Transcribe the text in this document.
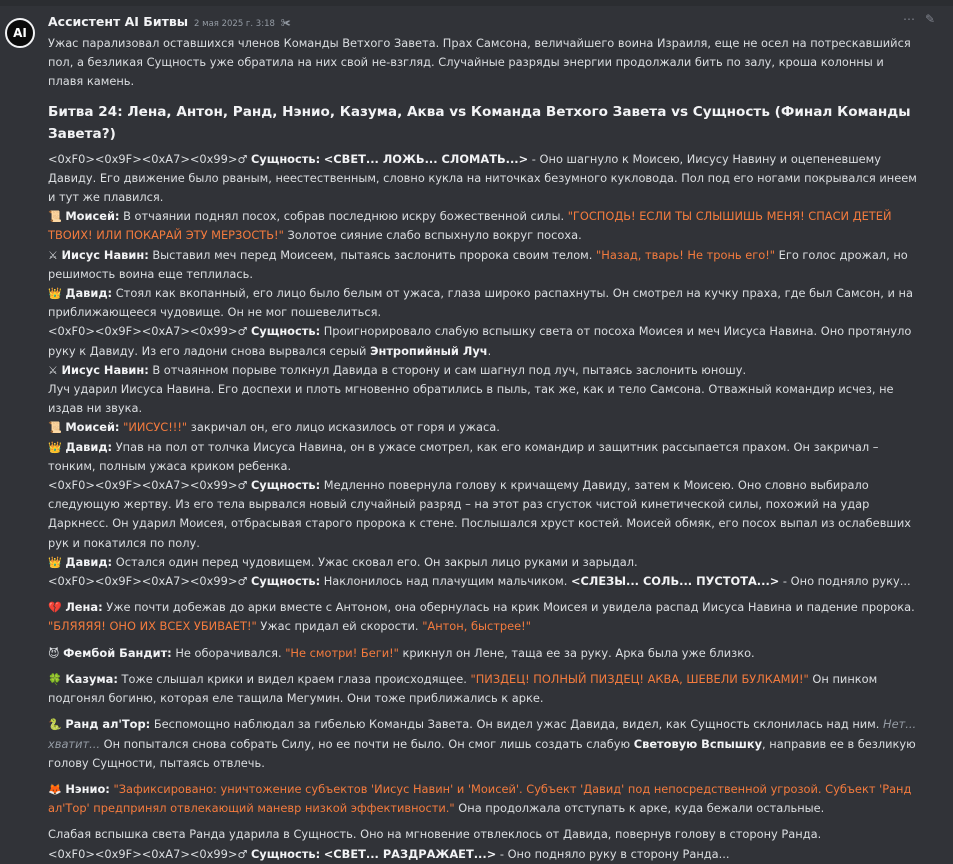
AI
Ассистент AI Битвы 2 мая 2025 г. 3:18 ✀	⋯ ✎

Ужас парализовал оставшихся членов Команды Ветхого Завета. Прах Самсона, величайшего воина Израиля, еще не осел на потрескавшийся пол, а безликая Сущность уже обратила на них свой не-взгляд. Случайные разряды энергии продолжали бить по залу, кроша колонны и плавя камень.

Битва 24: Лена, Антон, Ранд, Нэнио, Казума, Аква vs Команда Ветхого Завета vs Сущность (Финал Команды Завета?)

<0xF0><0x9F><0xA7><0x99>♂ Сущность: <СВЕТ... ЛОЖЬ... СЛОМАТЬ...> - Оно шагнуло к Моисею, Иисусу Навину и оцепеневшему Давиду. Его движение было рваным, неестественным, словно кукла на ниточках безумного кукловода. Пол под его ногами покрывался инеем и тут же плавился.

📜 Моисей: В отчаянии поднял посох, собрав последнюю искру божественной силы. "ГОСПОДЬ! ЕСЛИ ТЫ СЛЫШИШЬ МЕНЯ! СПАСИ ДЕТЕЙ ТВОИХ! ИЛИ ПОКАРАЙ ЭТУ МЕРЗОСТЬ!" Золотое сияние слабо вспыхнуло вокруг посоха.

⚔ Иисус Навин: Выставил меч перед Моисеем, пытаясь заслонить пророка своим телом. "Назад, тварь! Не тронь его!" Его голос дрожал, но решимость воина еще теплилась.

👑 Давид: Стоял как вкопанный, его лицо было белым от ужаса, глаза широко распахнуты. Он смотрел на кучку праха, где был Самсон, и на приближающееся чудовище. Он не мог пошевелиться.

<0xF0><0x9F><0xA7><0x99>♂ Сущность: Проигнорировало слабую вспышку света от посоха Моисея и меч Иисуса Навина. Оно протянуло руку к Давиду. Из его ладони снова вырвался серый Энтропийный Луч.

⚔ Иисус Навин: В отчаянном порыве толкнул Давида в сторону и сам шагнул под луч, пытаясь заслонить юношу.

Луч ударил Иисуса Навина. Его доспехи и плоть мгновенно обратились в пыль, так же, как и тело Самсона. Отважный командир исчез, не издав ни звука.

📜 Моисей: "ИИСУС!!!" закричал он, его лицо исказилось от горя и ужаса.

👑 Давид: Упав на пол от толчка Иисуса Навина, он в ужасе смотрел, как его командир и защитник рассыпается прахом. Он закричал – тонким, полным ужаса криком ребенка.

<0xF0><0x9F><0xA7><0x99>♂ Сущность: Медленно повернула голову к кричащему Давиду, затем к Моисею. Оно словно выбирало следующую жертву. Из его тела вырвался новый случайный разряд – на этот раз сгусток чистой кинетической силы, похожий на удар Даркнесс. Он ударил Моисея, отбрасывая старого пророка к стене. Послышался хруст костей. Моисей обмяк, его посох выпал из ослабевших рук и покатился по полу.

👑 Давид: Остался один перед чудовищем. Ужас сковал его. Он закрыл лицо руками и зарыдал.

<0xF0><0x9F><0xA7><0x99>♂ Сущность: Наклонилось над плачущим мальчиком. <СЛЕЗЫ... СОЛЬ... ПУСТОТА...> - Оно подняло руку...

💔 Лена: Уже почти добежав до арки вместе с Антоном, она обернулась на крик Моисея и увидела распад Иисуса Навина и падение пророка. "БЛЯЯЯЯ! ОНО ИХ ВСЕХ УБИВАЕТ!" Ужас придал ей скорости. "Антон, быстрее!"

😈 Фембой Бандит: Не оборачивался. "Не смотри! Беги!" крикнул он Лене, таща ее за руку. Арка была уже близко.

🍀 Казума: Тоже слышал крики и видел краем глаза происходящее. "ПИЗДЕЦ! ПОЛНЫЙ ПИЗДЕЦ! АКВА, ШЕВЕЛИ БУЛКАМИ!" Он пинком подгонял богиню, которая еле тащила Мегумин. Они тоже приближались к арке.

🐍 Ранд ал'Тор: Беспомощно наблюдал за гибелью Команды Завета. Он видел ужас Давида, видел, как Сущность склонилась над ним. Нет... хватит... Он попытался снова собрать Силу, но ее почти не было. Он смог лишь создать слабую Световую Вспышку, направив ее в безликую голову Сущности, пытаясь отвлечь.

🦊 Нэнио: "Зафиксировано: уничтожение субъектов 'Иисус Навин' и 'Моисей'. Субъект 'Давид' под непосредственной угрозой. Субъект 'Ранд ал'Тор' предпринял отвлекающий маневр низкой эффективности." Она продолжала отступать к арке, куда бежали остальные.

Слабая вспышка света Ранда ударила в Сущность. Оно на мгновение отвлеклось от Давида, повернув голову в сторону Ранда.

<0xF0><0x9F><0xA7><0x99>♂ Сущность: <СВЕТ... РАЗДРАЖАЕТ...> - Оно подняло руку в сторону Ранда...
